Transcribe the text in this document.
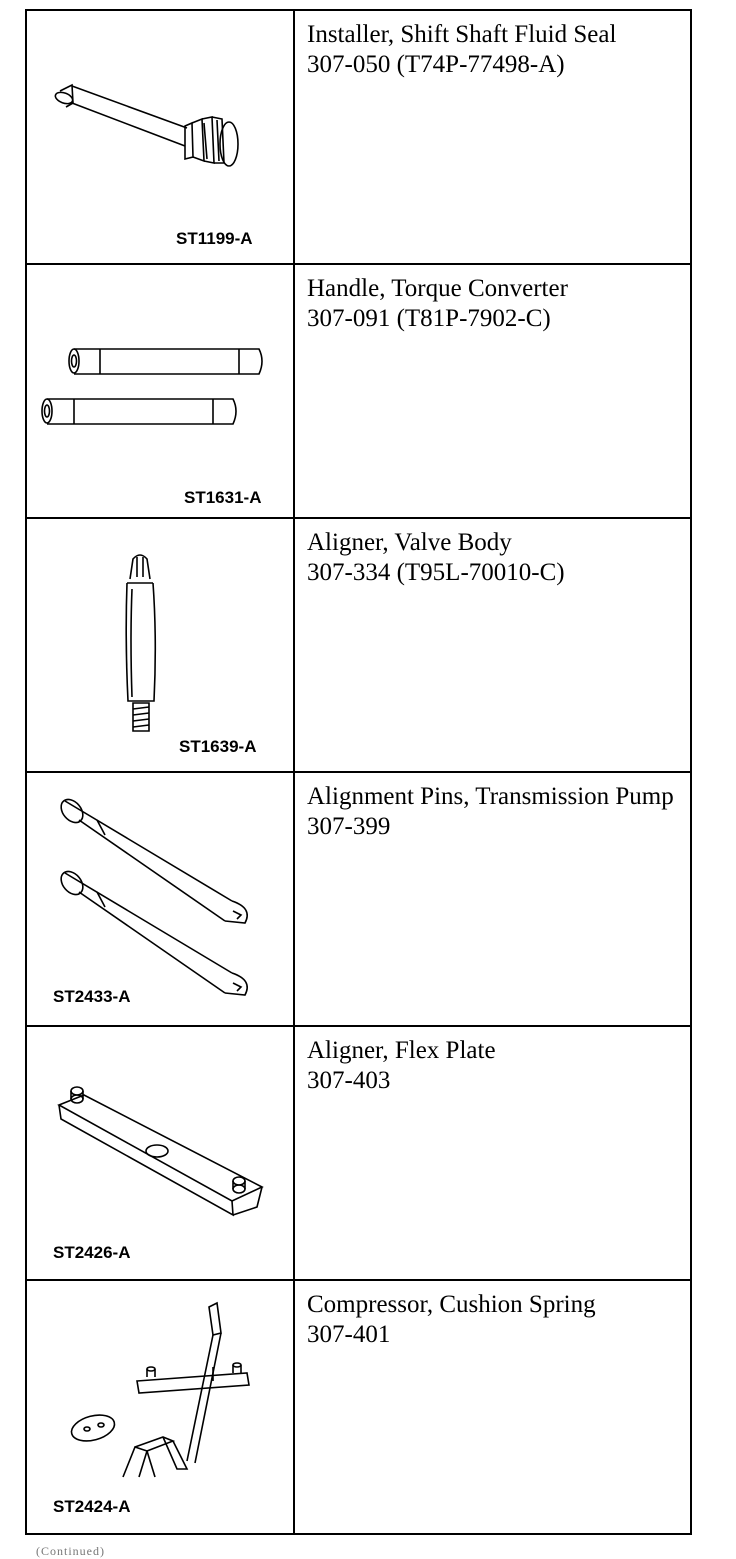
ST1199-A	Installer, Shift Shaft Fluid Seal
307-050 (T74P-77498-A)

ST1631-A	Handle, Torque Converter
307-091 (T81P-7902-C)

ST1639-A	Aligner, Valve Body
307-334 (T95L-70010-C)

ST2433-A	Alignment Pins, Transmission Pump
307-399

ST2426-A	Aligner, Flex Plate
307-403

ST2424-A	Compressor, Cushion Spring
307-401
(Continued)
